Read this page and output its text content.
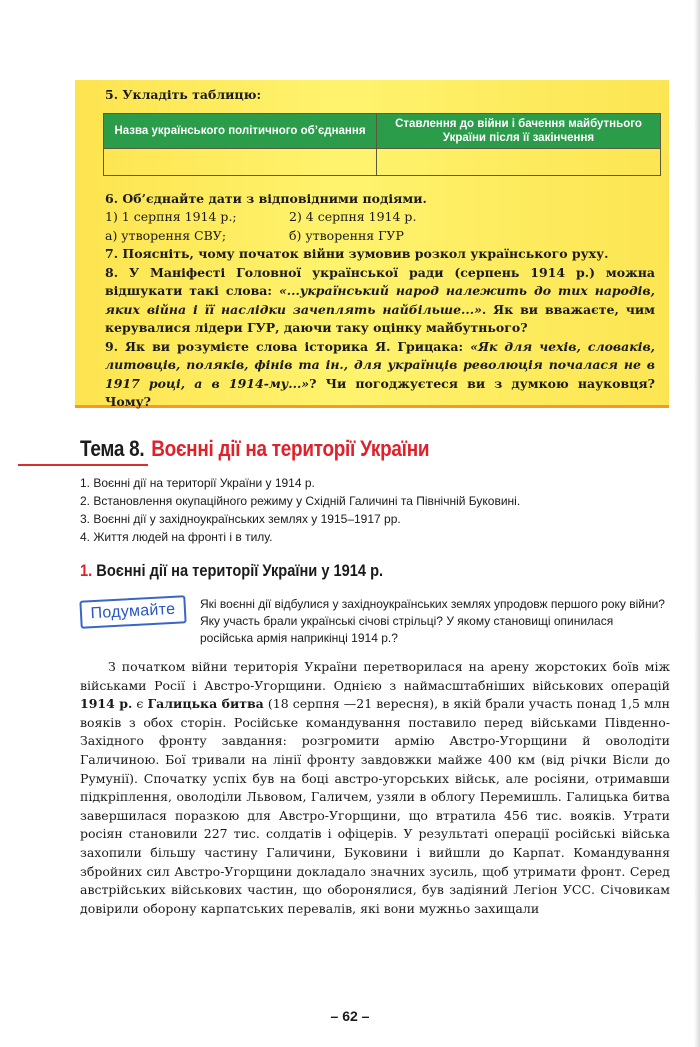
5. Укладіть таблицю:

Назва українського політичного об’єднання	Ставлення до війни і бачення майбутнього України після її закінчення

6. Об’єднайте дати з відповідними подіями.

1) 1 серпня 1914 р.;	2) 4 серпня 1914 р.
а) утворення СВУ;	б) утворення ГУР

7. Поясніть, чому початок війни зумовив розкол українського руху.

8. У Маніфесті Головної української ради (серпень 1914 р.) можна відшукати такі слова: «...український народ належить до тих народів, яких війна і її наслідки зачеплять найбільше...». Як ви вважаєте, чим керувалися лідери ГУР, даючи таку оцінку майбутнього?

9. Як ви розумієте слова історика Я. Грицака: «Як для чехів, словаків, литовців, поляків, фінів та ін., для українців революція почалася не в 1917 році, а в 1914-му...»? Чи погоджуєтеся ви з думкою науковця? Чому?

Тема 8. Воєнні дії на території України
1. Воєнні дії на території України у 1914 р.
2. Встановлення окупаційного режиму у Східній Галичині та Північній Буковині.
3. Воєнні дії у західноукраїнських землях у 1915–1917 рр.
4. Життя людей на фронті і в тилу.
1. Воєнні дії на території України у 1914 р.
Подумайте	Які воєнні дії відбулися у західноукраїнських землях упродовж першого року війни? Яку участь брали українські січові стрільці? У якому становищі опинилася російська армія наприкінці 1914 р.?

З початком війни територія України перетворилася на арену жорстоких боїв між військами Росії і Австро-Угорщини. Однією з наймасштабніших військових операцій 1914 р. є Галицька битва (18 серпня —21 вересня), в якій брали участь понад 1,5 млн вояків з обох сторін. Російське командування поставило перед військами Південно-Західного фронту завдання: розгромити армію Австро-Угорщини й оволодіти Галичиною. Бої тривали на лінії фронту завдовжки майже 400 км (від річки Вісли до Румунії). Спочатку успіх був на боці австро-угорських військ, але росіяни, отримавши підкріплення, оволоділи Львовом, Галичем, узяли в облогу Перемишль. Галицька битва завершилася поразкою для Австро-Угорщини, що втратила 456 тис. вояків. Утрати росіян становили 227 тис. солдатів і офіцерів. У результаті операції російські війська захопили більшу частину Галичини, Буковини і вийшли до Карпат. Командування збройних сил Австро-Угорщини докладало значних зусиль, щоб утримати фронт. Серед австрійських військових частин, що оборонялися, був задіяний Легіон УСС. Січовикам довірили оборону карпатських перевалів, які вони мужньо захищали

– 62 –
